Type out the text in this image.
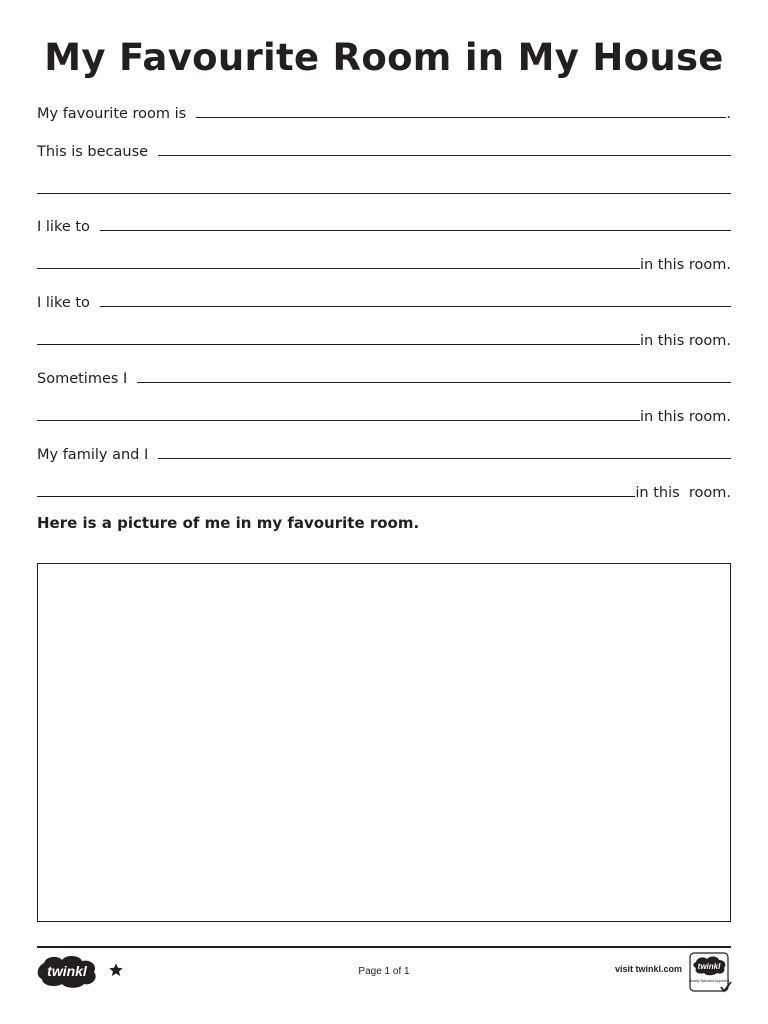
My Favourite Room in My House
My favourite room is	.
This is because
I like to
in this room.
I like to
in this room.
Sometimes I
in this room.
My family and I
in this  room.
Here is a picture of me in my favourite room.
twinkl	Page 1 of 1	visit twinkl.com twinkl
Quality Standard Approved
